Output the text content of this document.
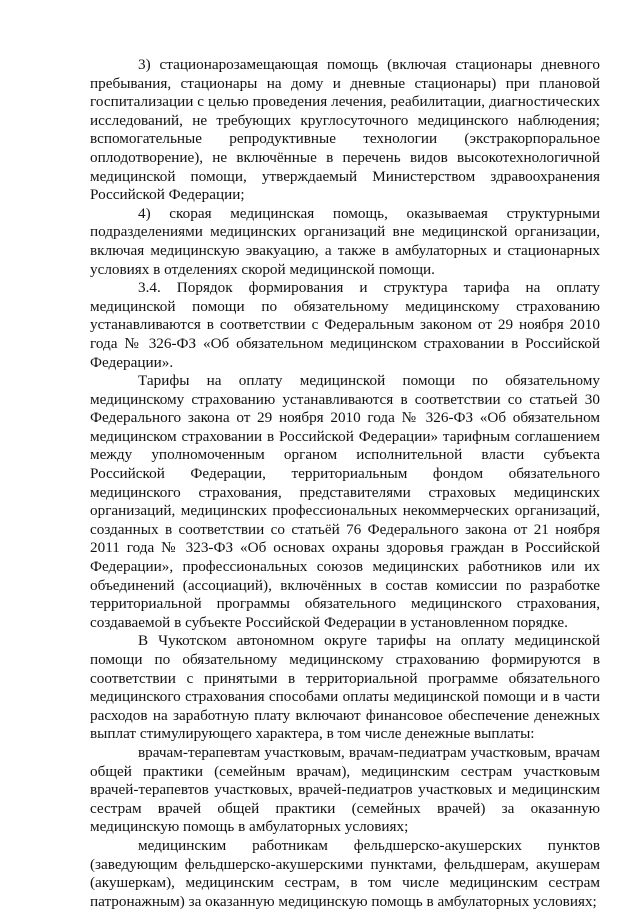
3) стационарозамещающая помощь (включая стационары дневного пребывания, стационары на дому и дневные стационары) при плановой госпитализации с целью проведения лечения, реабилитации, диагностических исследований, не требующих круглосуточного медицинского наблюдения; вспомогательные репродуктивные технологии (экстракорпоральное оплодотворение), не включённые в перечень видов высокотехнологичной медицинской помощи, утверждаемый Министерством здравоохранения Российской Федерации;

4) скорая медицинская помощь, оказываемая структурными подразделениями медицинских организаций вне медицинской организации, включая медицинскую эвакуацию, а также в амбулаторных и стационарных условиях в отделениях скорой медицинской помощи.

3.4. Порядок формирования и структура тарифа на оплату медицинской помощи по обязательному медицинскому страхованию устанавливаются в соответствии с Федеральным законом от 29 ноября 2010 года № 326-ФЗ «Об обязательном медицинском страховании в Российской Федерации».

Тарифы на оплату медицинской помощи по обязательному медицинскому страхованию устанавливаются в соответствии со статьей 30 Федерального закона от 29 ноября 2010 года № 326-ФЗ «Об обязательном медицинском страховании в Российской Федерации» тарифным соглашением между уполномоченным органом исполнительной власти субъекта Российской Федерации, территориальным фондом обязательного медицинского страхования, представителями страховых медицинских организаций, медицинских профессиональных некоммерческих организаций, созданных в соответствии со статьёй 76 Федерального закона от 21 ноября 2011 года № 323-ФЗ «Об основах охраны здоровья граждан в Российской Федерации», профессиональных союзов медицинских работников или их объединений (ассоциаций), включённых в состав комиссии по разработке территориальной программы обязательного медицинского страхования, создаваемой в субъекте Российской Федерации в установленном порядке.

В Чукотском автономном округе тарифы на оплату медицинской помощи по обязательному медицинскому страхованию формируются в соответствии с принятыми в территориальной программе обязательного медицинского страхования способами оплаты медицинской помощи и в части расходов на заработную плату включают финансовое обеспечение денежных выплат стимулирующего характера, в том числе денежные выплаты:

врачам-терапевтам участковым, врачам-педиатрам участковым, врачам общей практики (семейным врачам), медицинским сестрам участковым врачей-терапевтов участковых, врачей-педиатров участковых и медицинским сестрам врачей общей практики (семейных врачей) за оказанную медицинскую помощь в амбулаторных условиях;

медицинским работникам фельдшерско-акушерских пунктов (заведующим фельдшерско-акушерскими пунктами, фельдшерам, акушерам (акушеркам), медицинским сестрам, в том числе медицинским сестрам патронажным) за оказанную медицинскую помощь в амбулаторных условиях;
